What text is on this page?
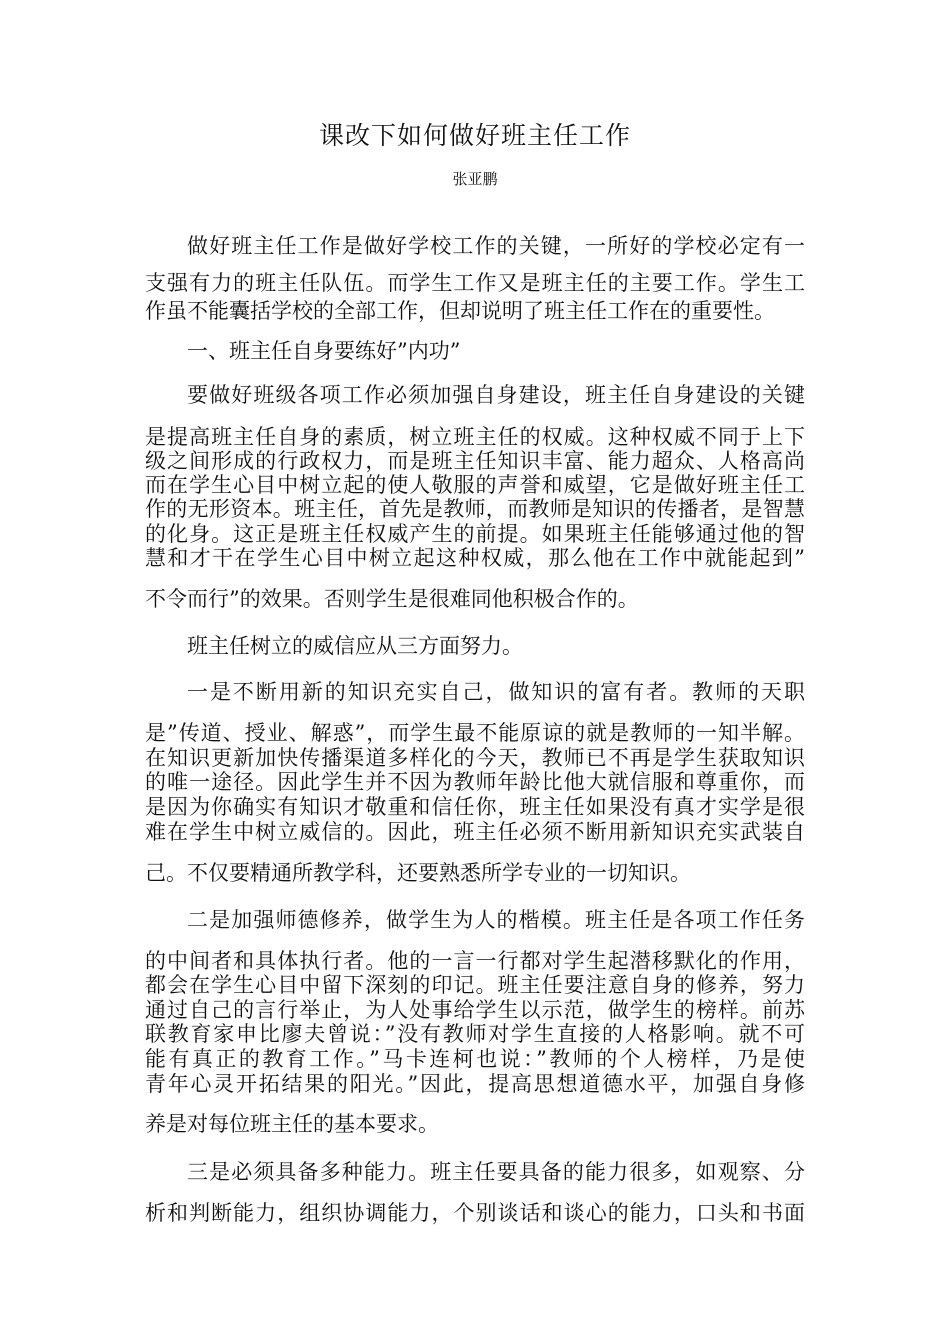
课改下如何做好班主任工作
张亚鹏
做好班主任工作是做好学校工作的关键，一所好的学校必定有一
支强有力的班主任队伍。而学生工作又是班主任的主要工作。学生工
作虽不能囊括学校的全部工作，但却说明了班主任工作在的重要性。
一、班主任自身要练好”内功”
要做好班级各项工作必须加强自身建设，班主任自身建设的关键
是提高班主任自身的素质，树立班主任的权威。这种权威不同于上下
级之间形成的行政权力，而是班主任知识丰富、能力超众、人格高尚
而在学生心目中树立起的使人敬服的声誉和威望，它是做好班主任工
作的无形资本。班主任，首先是教师，而教师是知识的传播者，是智慧
的化身。这正是班主任权威产生的前提。如果班主任能够通过他的智
慧和才干在学生心目中树立起这种权威，那么他在工作中就能起到”
不令而行”的效果。否则学生是很难同他积极合作的。
班主任树立的威信应从三方面努力。
一是不断用新的知识充实自己，做知识的富有者。教师的天职
是”传道、授业、解惑”，而学生最不能原谅的就是教师的一知半解。
在知识更新加快传播渠道多样化的今天，教师已不再是学生获取知识
的唯一途径。因此学生并不因为教师年龄比他大就信服和尊重你，而
是因为你确实有知识才敬重和信任你，班主任如果没有真才实学是很
难在学生中树立威信的。因此，班主任必须不断用新知识充实武装自
己。不仅要精通所教学科，还要熟悉所学专业的一切知识。
二是加强师德修养，做学生为人的楷模。班主任是各项工作任务
的中间者和具体执行者。他的一言一行都对学生起潜移默化的作用，
都会在学生心目中留下深刻的印记。班主任要注意自身的修养，努力
通过自己的言行举止，为人处事给学生以示范，做学生的榜样。前苏
联教育家申比廖夫曾说：”没有教师对学生直接的人格影响。就不可
能有真正的教育工作。”马卡连柯也说：”教师的个人榜样，乃是使
青年心灵开拓结果的阳光。”因此，提高思想道德水平，加强自身修
养是对每位班主任的基本要求。
三是必须具备多种能力。班主任要具备的能力很多，如观察、分
析和判断能力，组织协调能力，个别谈话和谈心的能力，口头和书面
